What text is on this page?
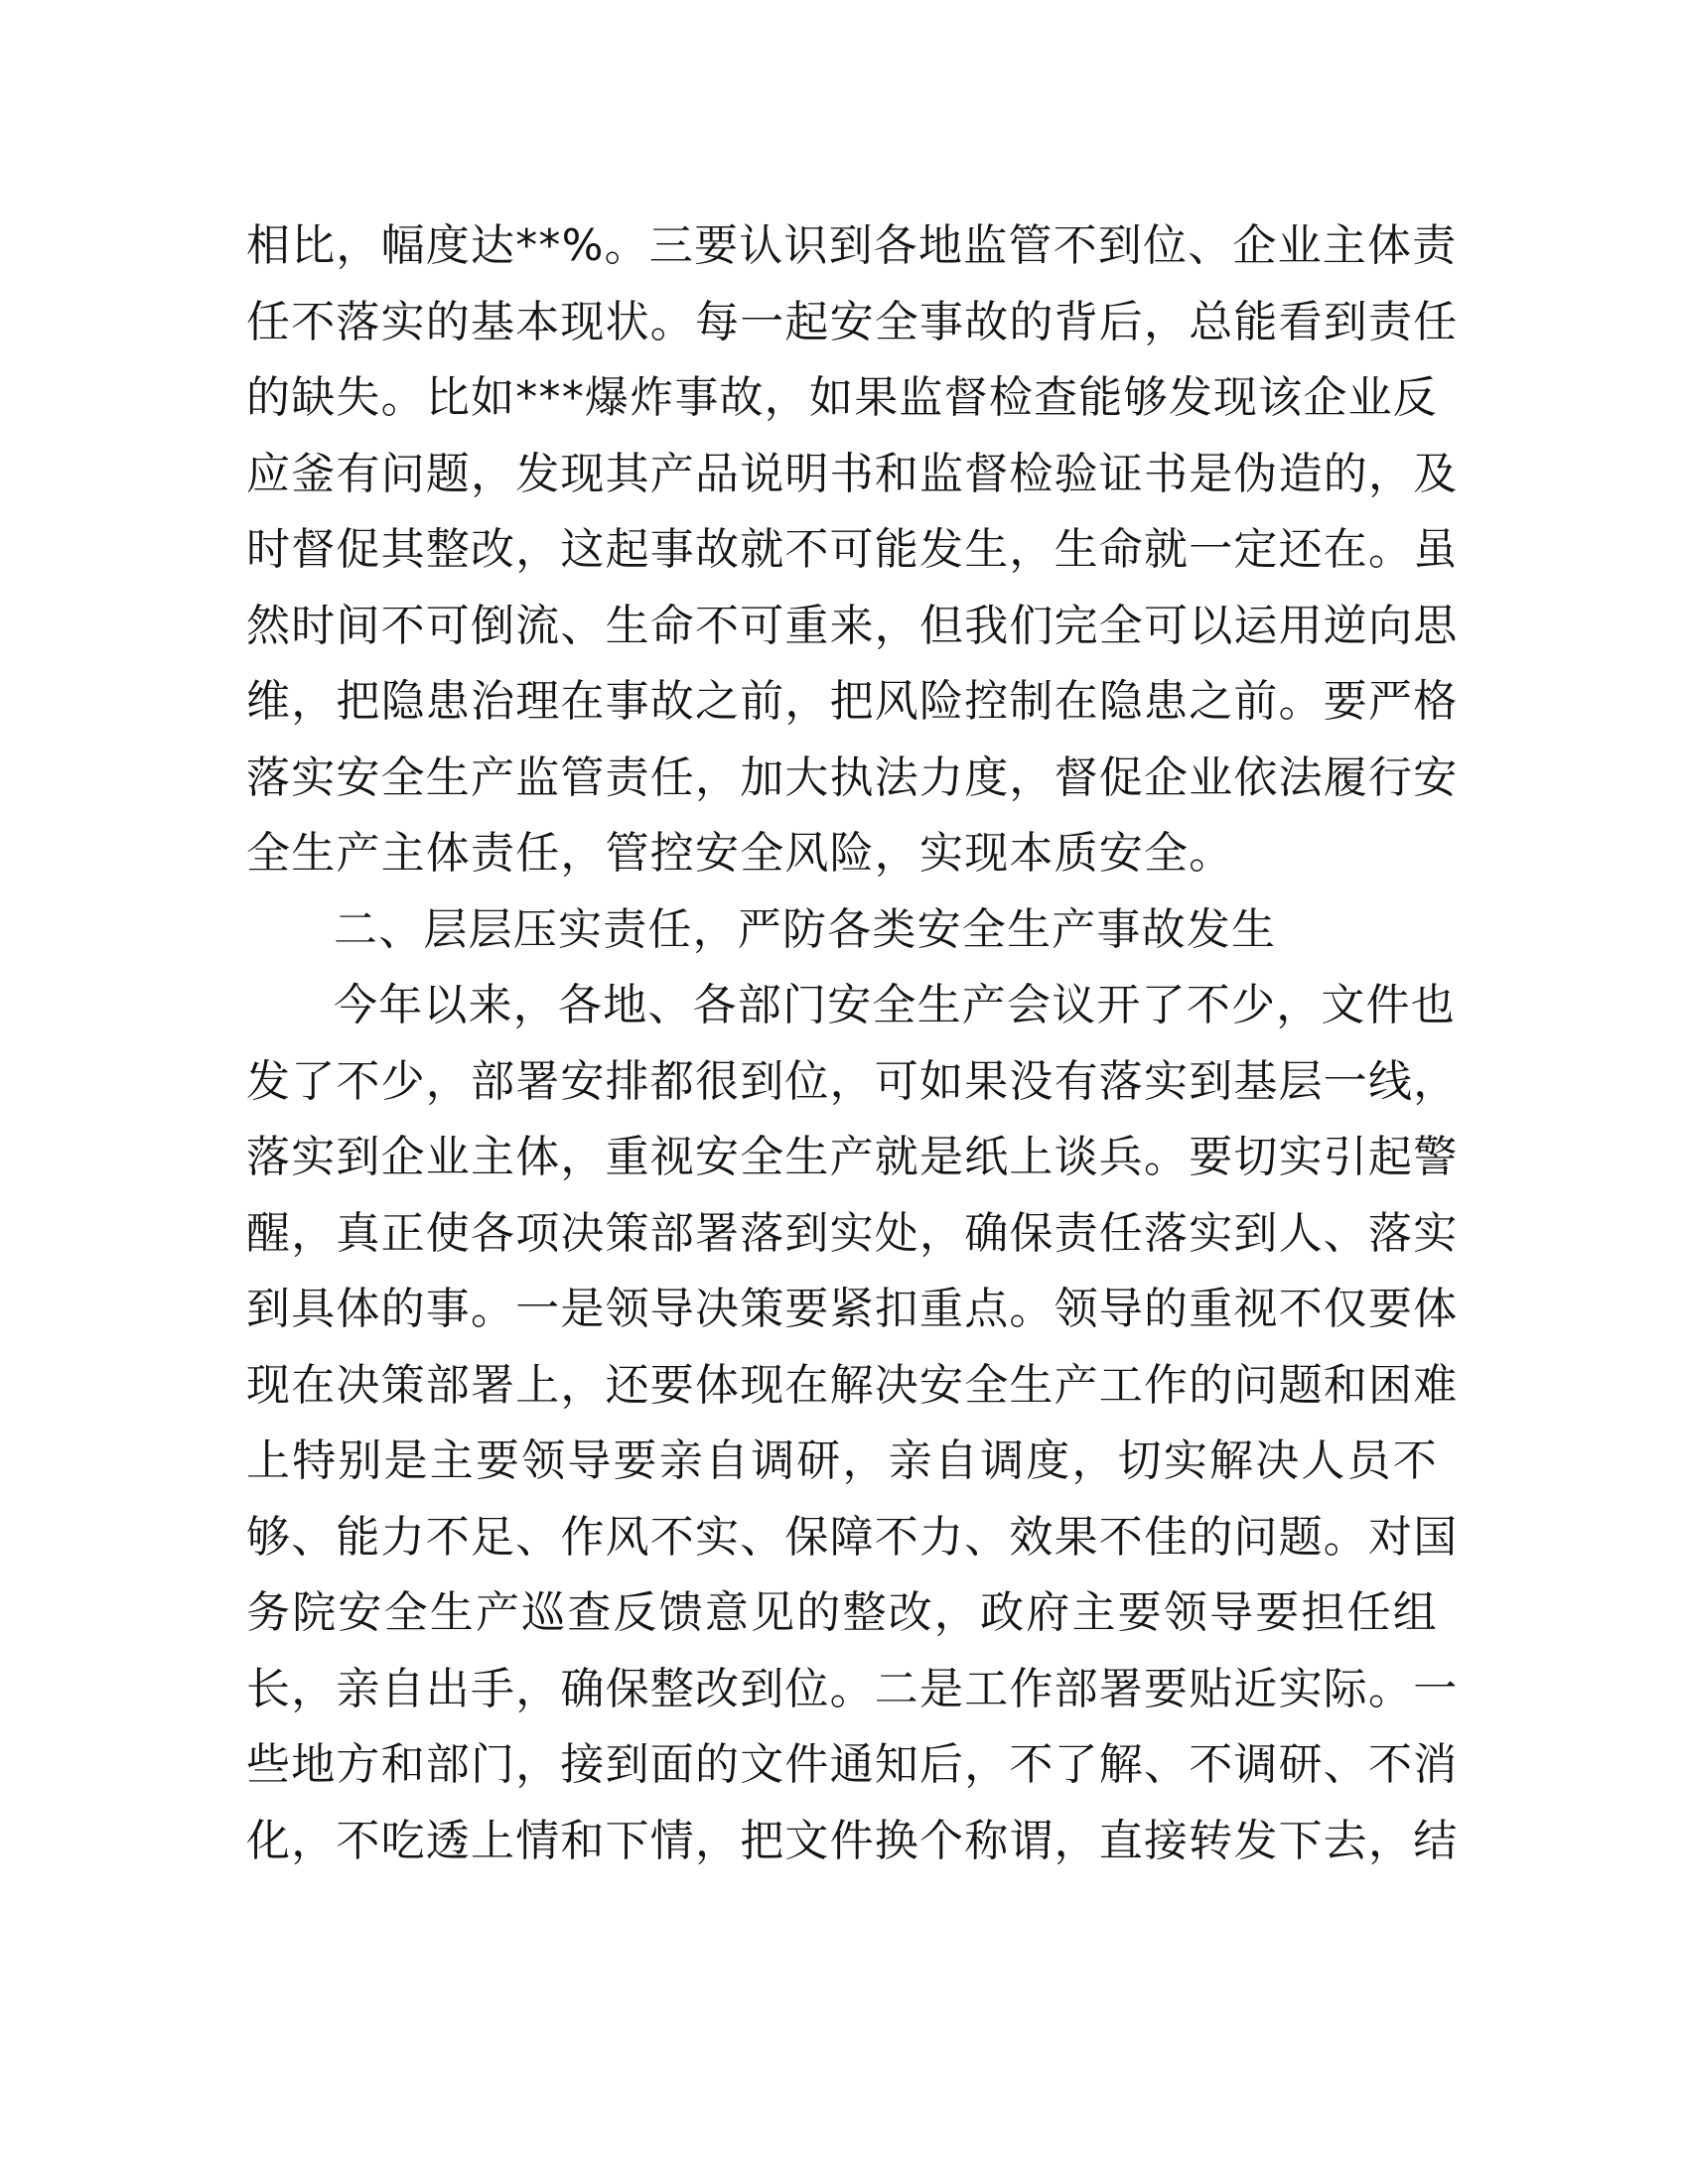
相比，幅度达**%。三要认识到各地监管不到位、企业主体责
任不落实的基本现状。每一起安全事故的背后，总能看到责任
的缺失。比如***爆炸事故，如果监督检查能够发现该企业反
应釜有问题，发现其产品说明书和监督检验证书是伪造的，及
时督促其整改，这起事故就不可能发生，生命就一定还在。虽
然时间不可倒流、生命不可重来，但我们完全可以运用逆向思
维，把隐患治理在事故之前，把风险控制在隐患之前。要严格
落实安全生产监管责任，加大执法力度，督促企业依法履行安
全生产主体责任，管控安全风险，实现本质安全。
二、层层压实责任，严防各类安全生产事故发生
今年以来，各地、各部门安全生产会议开了不少，文件也
发了不少，部署安排都很到位，可如果没有落实到基层一线，
落实到企业主体，重视安全生产就是纸上谈兵。要切实引起警
醒，真正使各项决策部署落到实处，确保责任落实到人、落实
到具体的事。一是领导决策要紧扣重点。领导的重视不仅要体
现在决策部署上，还要体现在解决安全生产工作的问题和困难
上特别是主要领导要亲自调研，亲自调度，切实解决人员不
够、能力不足、作风不实、保障不力、效果不佳的问题。对国
务院安全生产巡查反馈意见的整改，政府主要领导要担任组
长，亲自出手，确保整改到位。二是工作部署要贴近实际。一
些地方和部门，接到面的文件通知后，不了解、不调研、不消
化，不吃透上情和下情，把文件换个称谓，直接转发下去，结
